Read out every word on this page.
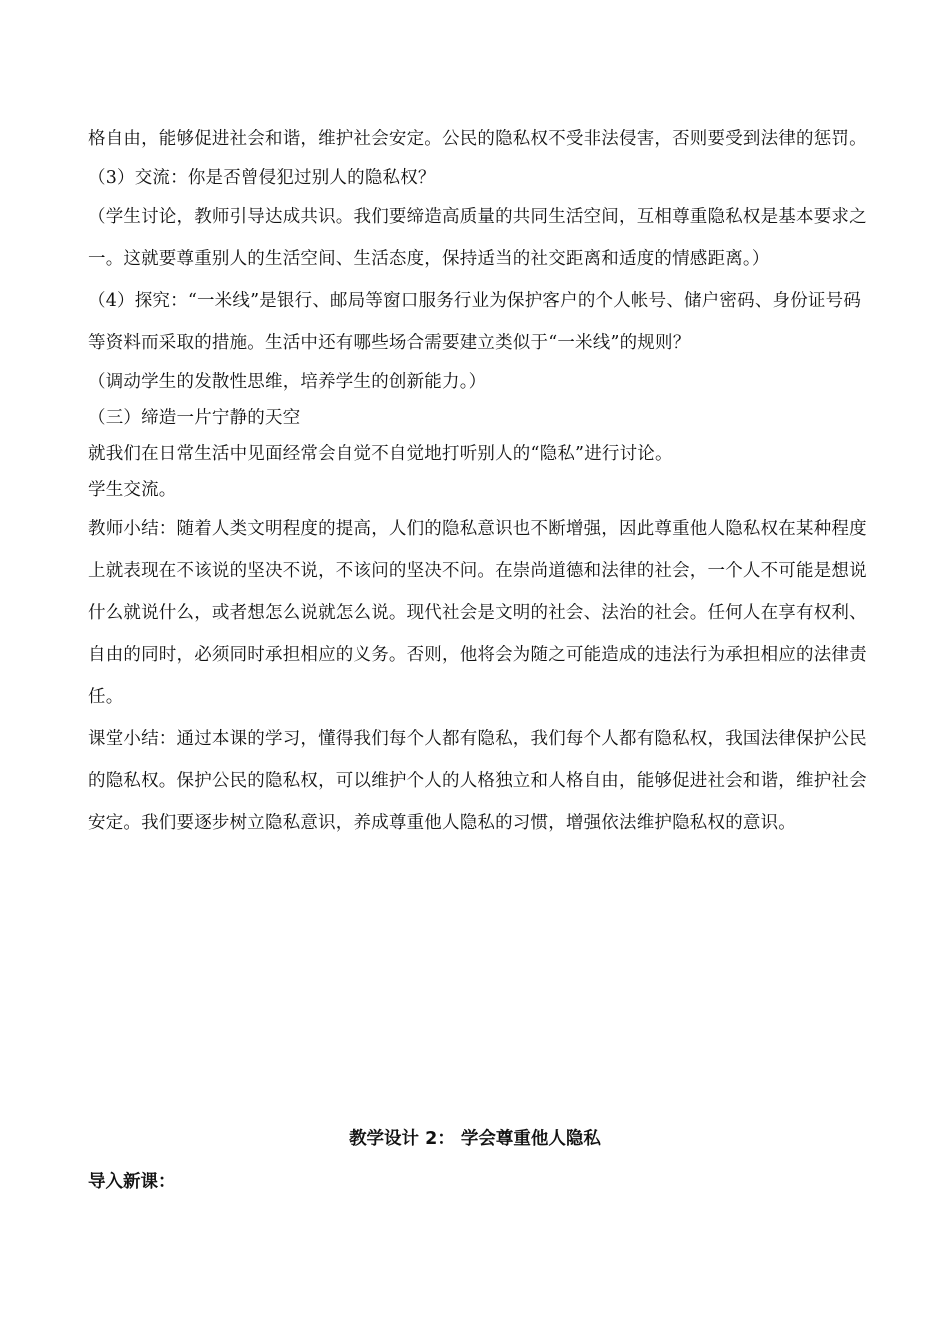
格自由，能够促进社会和谐，维护社会安定。公民的隐私权不受非法侵害，否则要受到法律的惩罚。

（3）交流：你是否曾侵犯过别人的隐私权？

（学生讨论，教师引导达成共识。我们要缔造高质量的共同生活空间，互相尊重隐私权是基本要求之一。这就要尊重别人的生活空间、生活态度，保持适当的社交距离和适度的情感距离。）

（4）探究：“一米线”是银行、邮局等窗口服务行业为保护客户的个人帐号、储户密码、身份证号码等资料而采取的措施。生活中还有哪些场合需要建立类似于“一米线”的规则？

（调动学生的发散性思维，培养学生的创新能力。）

（三）缔造一片宁静的天空

就我们在日常生活中见面经常会自觉不自觉地打听别人的“隐私”进行讨论。

学生交流。

教师小结：随着人类文明程度的提高，人们的隐私意识也不断增强，因此尊重他人隐私权在某种程度上就表现在不该说的坚决不说，不该问的坚决不问。在崇尚道德和法律的社会，一个人不可能是想说什么就说什么，或者想怎么说就怎么说。现代社会是文明的社会、法治的社会。任何人在享有权利、自由的同时，必须同时承担相应的义务。否则，他将会为随之可能造成的违法行为承担相应的法律责任。

课堂小结：通过本课的学习，懂得我们每个人都有隐私，我们每个人都有隐私权，我国法律保护公民的隐私权。保护公民的隐私权，可以维护个人的人格独立和人格自由，能够促进社会和谐，维护社会安定。我们要逐步树立隐私意识，养成尊重他人隐私的习惯，增强依法维护隐私权的意识。

教学设计 2： 学会尊重他人隐私
导入新课：
